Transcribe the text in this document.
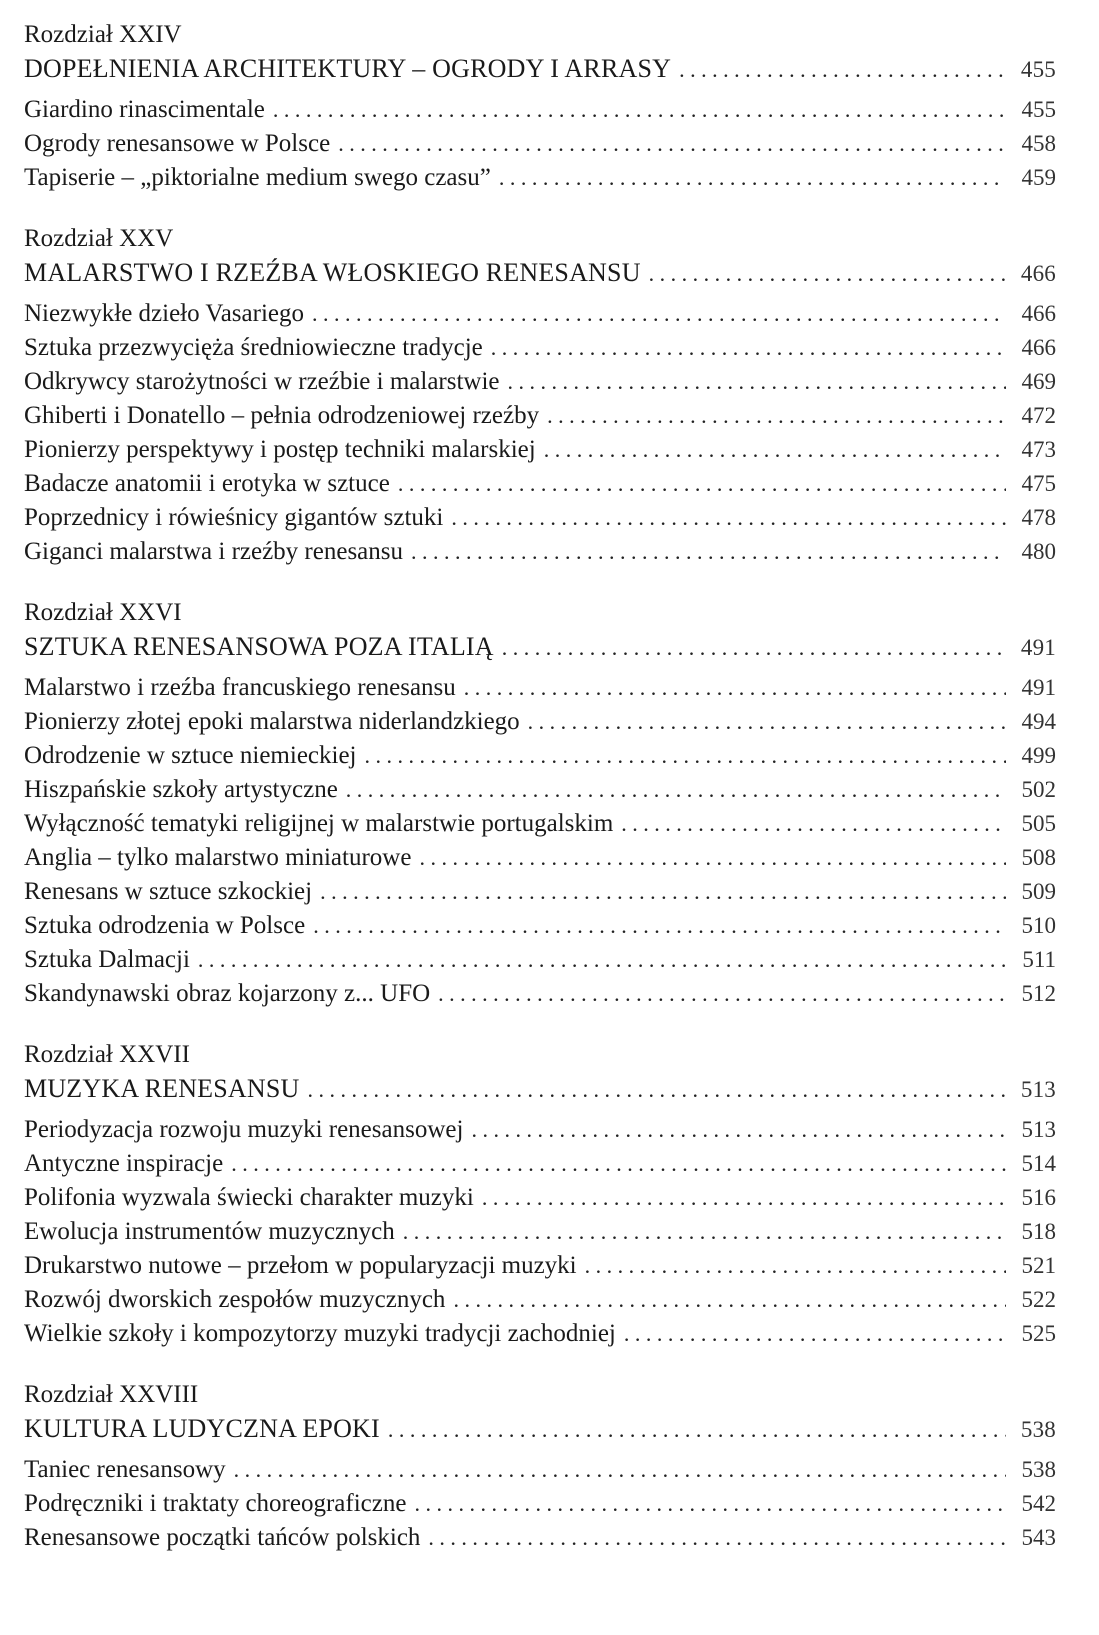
Rozdział XXIV
DOPEŁNIENIA ARCHITEKTURY – OGRODY I ARRASY . . .	455
Giardino rinascimentale . . .	455
Ogrody renesansowe w Polsce . . .	458
Tapiserie – „piktorialne medium swego czasu” . . .	459
Rozdział XXV
MALARSTWO I RZEŹBA WŁOSKIEGO RENESANSU . . .	466
Niezwykłe dzieło Vasariego . . .	466
Sztuka przezwycięża średniowieczne tradycje . . .	466
Odkrywcy starożytności w rzeźbie i malarstwie . . .	469
Ghiberti i Donatello – pełnia odrodzeniowej rzeźby . . .	472
Pionierzy perspektywy i postęp techniki malarskiej . . .	473
Badacze anatomii i erotyka w sztuce . . .	475
Poprzednicy i rówieśnicy gigantów sztuki . . .	478
Giganci malarstwa i rzeźby renesansu . . .	480
Rozdział XXVI
SZTUKA RENESANSOWA POZA ITALIĄ . . .	491
Malarstwo i rzeźba francuskiego renesansu . . .	491
Pionierzy złotej epoki malarstwa niderlandzkiego . . .	494
Odrodzenie w sztuce niemieckiej . . .	499
Hiszpańskie szkoły artystyczne . . .	502
Wyłączność tematyki religijnej w malarstwie portugalskim . . .	505
Anglia – tylko malarstwo miniaturowe . . .	508
Renesans w sztuce szkockiej . . .	509
Sztuka odrodzenia w Polsce . . .	510
Sztuka Dalmacji . . .	511
Skandynawski obraz kojarzony z... UFO . . .	512
Rozdział XXVII
MUZYKA RENESANSU . . .	513
Periodyzacja rozwoju muzyki renesansowej . . .	513
Antyczne inspiracje . . .	514
Polifonia wyzwala świecki charakter muzyki . . .	516
Ewolucja instrumentów muzycznych . . .	518
Drukarstwo nutowe – przełom w popularyzacji muzyki . . .	521
Rozwój dworskich zespołów muzycznych . . .	522
Wielkie szkoły i kompozytorzy muzyki tradycji zachodniej . . .	525
Rozdział XXVIII
KULTURA LUDYCZNA EPOKI . . .	538
Taniec renesansowy . . .	538
Podręczniki i traktaty choreograficzne . . .	542
Renesansowe początki tańców polskich . . .	543
